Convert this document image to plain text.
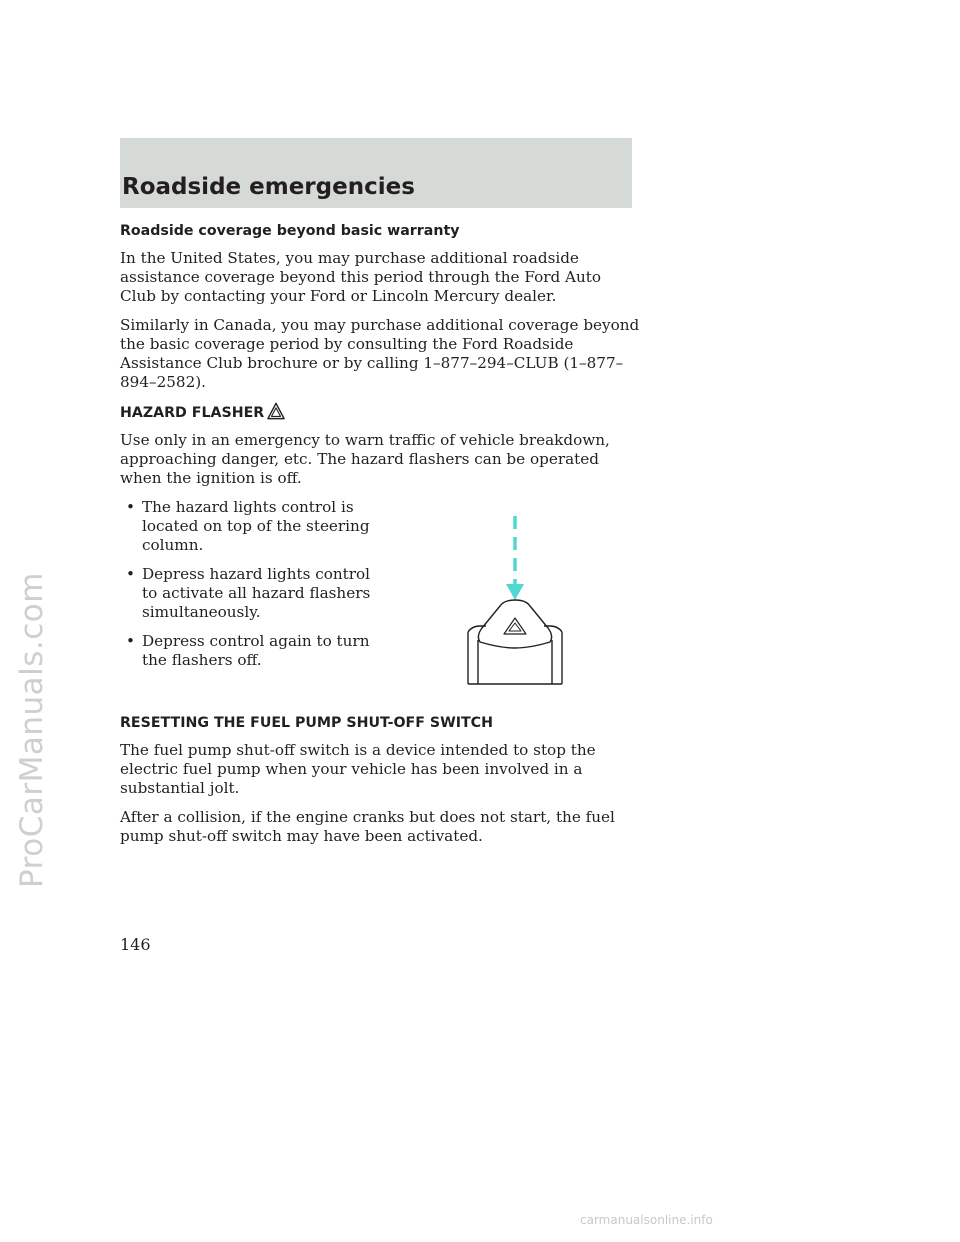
ProCarManuals.com
Roadside emergencies
Roadside coverage beyond basic warranty

In the United States, you may purchase additional roadside assistance coverage beyond this period through the Ford Auto Club by contacting your Ford or Lincoln Mercury dealer.

Similarly in Canada, you may purchase additional coverage beyond the basic coverage period by consulting the Ford Roadside Assistance Club brochure or by calling 1–877–294–CLUB (1–877–894–2582).

HAZARD FLASHER

Use only in an emergency to warn traffic of vehicle breakdown, approaching danger, etc. The hazard flashers can be operated when the ignition is off.

• The hazard lights control is located on top of the steering column.
• Depress hazard lights control to activate all hazard flashers simultaneously.
• Depress control again to turn the flashers off.
RESETTING THE FUEL PUMP SHUT-OFF SWITCH

The fuel pump shut-off switch is a device intended to stop the electric fuel pump when your vehicle has been involved in a substantial jolt.

After a collision, if the engine cranks but does not start, the fuel pump shut-off switch may have been activated.

146
carmanualsonline.info
